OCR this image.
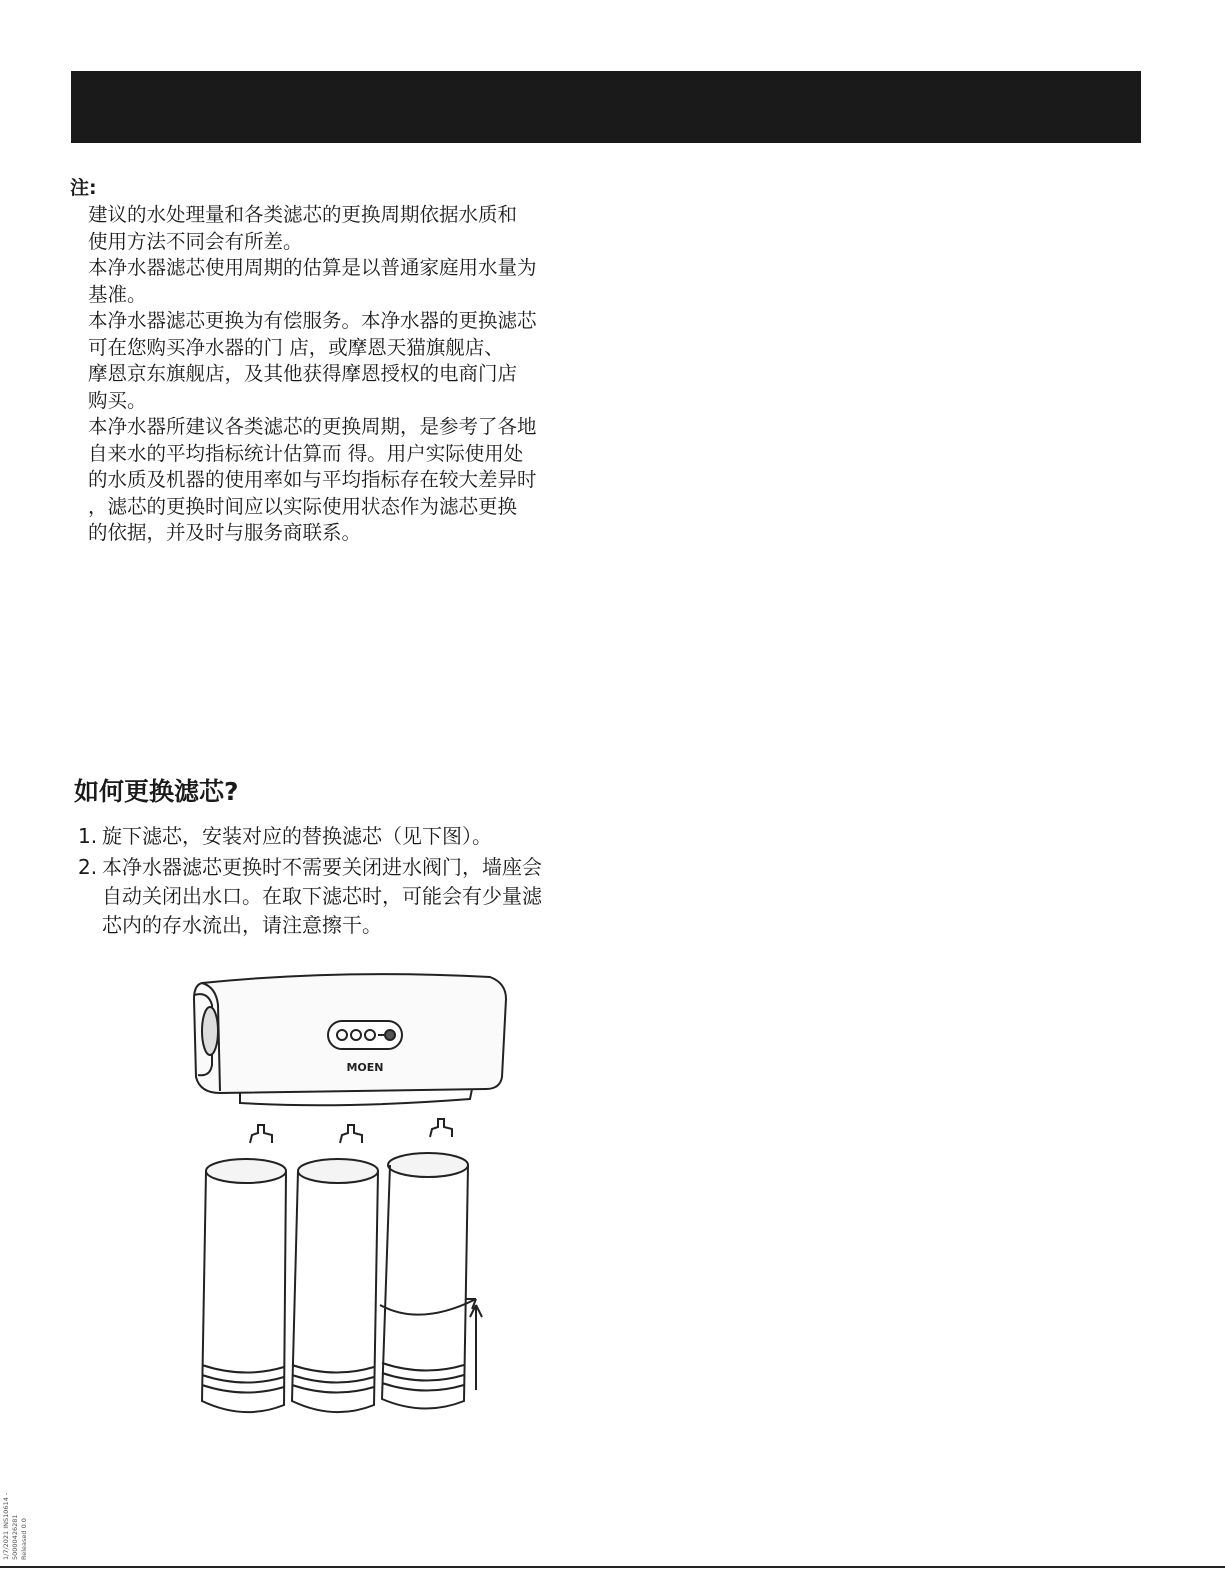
注:

建议的水处理量和各类滤芯的更换周期依据水质和

使用方法不同会有所差。

本净水器滤芯使用周期的估算是以普通家庭用水量为

基准。

本净水器滤芯更换为有偿服务。本净水器的更换滤芯

可在您购买净水器的门 店，或摩恩天猫旗舰店、

摩恩京东旗舰店，及其他获得摩恩授权的电商门店

购买。

本净水器所建议各类滤芯的更换周期，是参考了各地

自来水的平均指标统计估算而 得。用户实际使用处

的水质及机器的使用率如与平均指标存在较大差异时

，滤芯的更换时间应以实际使用状态作为滤芯更换

的依据，并及时与服务商联系。

如何更换滤芯?
1. 旋下滤芯，安装对应的替换滤芯（见下图）。
2. 本净水器滤芯更换时不需要关闭进水阀门，墙座会
自动关闭出水口。在取下滤芯时，可能会有少量滤
芯内的存水流出，请注意擦干。
MOEN
1/7/2021 INS10614 - 50000426281 Released 0.0
